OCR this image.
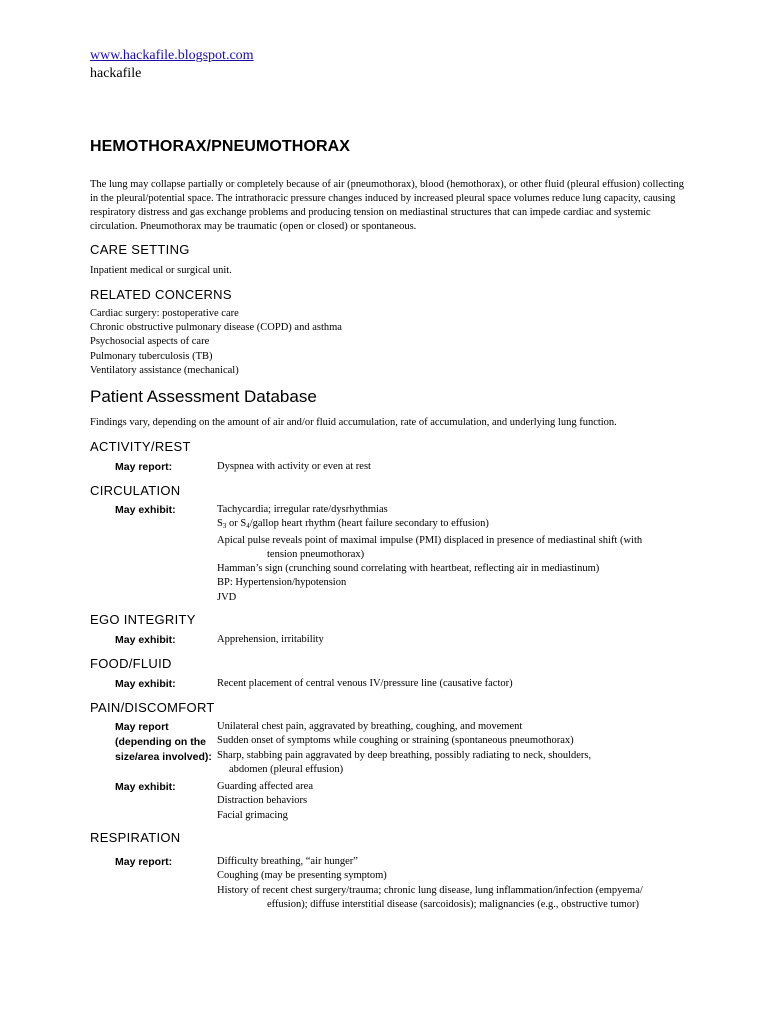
www.hackafile.blogspot.com
hackafile
HEMOTHORAX/PNEUMOTHORAX
The lung may collapse partially or completely because of air (pneumothorax), blood (hemothorax), or other fluid (pleural effusion) collecting in the pleural/potential space. The intrathoracic pressure changes induced by increased pleural space volumes reduce lung capacity, causing respiratory distress and gas exchange problems and producing tension on mediastinal structures that can impede cardiac and systemic circulation. Pneumothorax may be traumatic (open or closed) or spontaneous.
CARE SETTING
Inpatient medical or surgical unit.
RELATED CONCERNS
Cardiac surgery: postoperative care
Chronic obstructive pulmonary disease (COPD) and asthma
Psychosocial aspects of care
Pulmonary tuberculosis (TB)
Ventilatory assistance (mechanical)
Patient Assessment Database
Findings vary, depending on the amount of air and/or fluid accumulation, rate of accumulation, and underlying lung function.
ACTIVITY/REST
May report:	Dyspnea with activity or even at rest
CIRCULATION
May exhibit:	Tachycardia; irregular rate/dysrhythmias
$S_3$ or $S_4$/gallop heart rhythm (heart failure secondary to effusion)
Apical pulse reveals point of maximal impulse (PMI) displaced in presence of mediastinal shift (with
tension pneumothorax)
Hamman’s sign (crunching sound correlating with heartbeat, reflecting air in mediastinum)
BP: Hypertension/hypotension
JVD
EGO INTEGRITY
May exhibit:	Apprehension, irritability
FOOD/FLUID
May exhibit:	Recent placement of central venous IV/pressure line (causative factor)
PAIN/DISCOMFORT
May report (depending on the size/area involved):
Unilateral chest pain, aggravated by breathing, coughing, and movement
Sudden onset of symptoms while coughing or straining (spontaneous pneumothorax)
Sharp, stabbing pain aggravated by deep breathing, possibly radiating to neck, shoulders,
abdomen (pleural effusion)
May exhibit:	Guarding affected area
Distraction behaviors
Facial grimacing
RESPIRATION
May report:	Difficulty breathing, “air hunger”
Coughing (may be presenting symptom)
History of recent chest surgery/trauma; chronic lung disease, lung inflammation/infection (empyema/
effusion); diffuse interstitial disease (sarcoidosis); malignancies (e.g., obstructive tumor)
